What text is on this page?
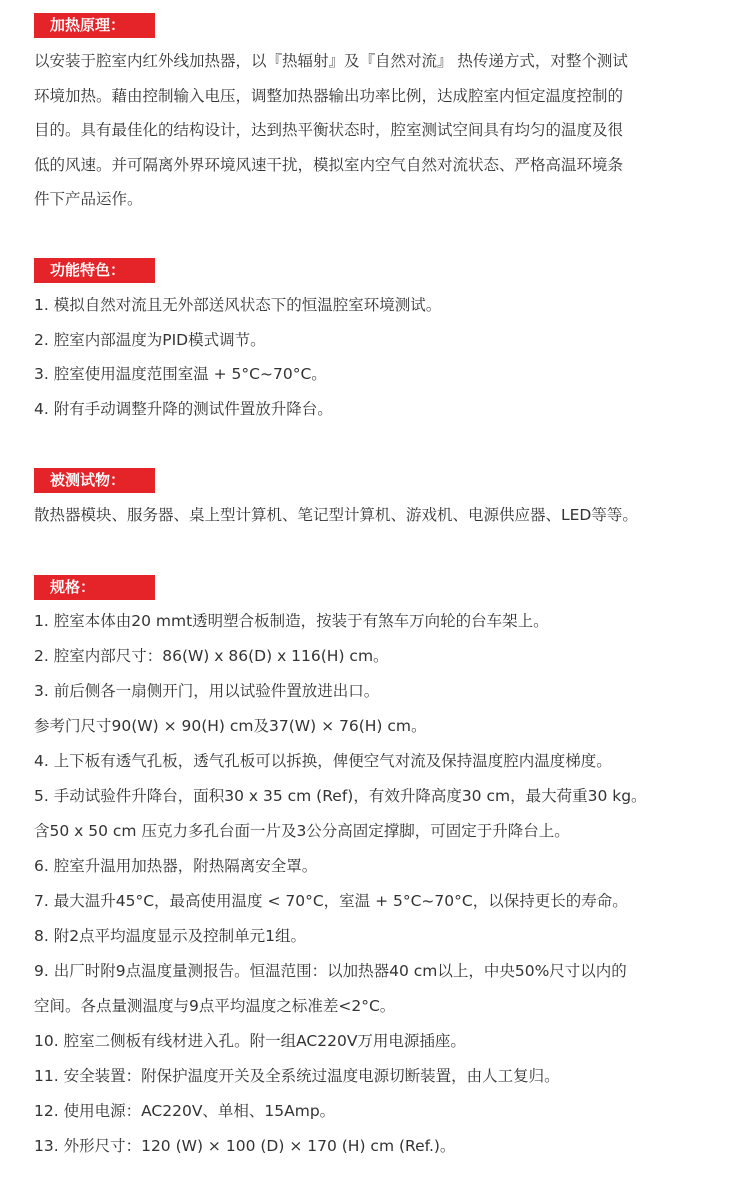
加热原理：
以安装于腔室内红外线加热器，以『热辐射』及『自然对流』 热传递方式，对整个测试
环境加热。藉由控制输入电压，调整加热器输出功率比例，达成腔室内恒定温度控制的
目的。具有最佳化的结构设计，达到热平衡状态时，腔室测试空间具有均匀的温度及很
低的风速。并可隔离外界环境风速干扰，模拟室内空气自然对流状态、严格高温环境条
件下产品运作。
功能特色：
1. 模拟自然对流且无外部送风状态下的恒温腔室环境测试。
2. 腔室内部温度为PID模式调节。
3. 腔室使用温度范围室温 + 5°C~70°C。
4. 附有手动调整升降的测试件置放升降台。
被测试物：
散热器模块、服务器、桌上型计算机、笔记型计算机、游戏机、电源供应器、LED等等。
规格：
1. 腔室本体由20 mmt透明塑合板制造，按装于有煞车万向轮的台车架上。
2. 腔室内部尺寸：86(W) x 86(D) x 116(H) cm。
3. 前后侧各一扇侧开门，用以试验件置放进出口。
参考门尺寸90(W) × 90(H) cm及37(W) × 76(H) cm。
4. 上下板有透气孔板，透气孔板可以拆换，俾便空气对流及保持温度腔内温度梯度。
5. 手动试验件升降台，面积30 x 35 cm (Ref)，有效升降高度30 cm，最大荷重30 kg。
含50 x 50 cm 压克力多孔台面一片及3公分高固定撑脚，可固定于升降台上。
6. 腔室升温用加热器，附热隔离安全罩。
7. 最大温升45°C，最高使用温度 < 70°C，室温 + 5°C~70°C，以保持更长的寿命。
8. 附2点平均温度显示及控制单元1组。
9. 出厂时附9点温度量测报告。恒温范围：以加热器40 cm以上，中央50%尺寸以内的
空间。各点量测温度与9点平均温度之标准差<2°C。
10. 腔室二侧板有线材进入孔。附一组AC220V万用电源插座。
11. 安全装置：附保护温度开关及全系统过温度电源切断装置，由人工复归。
12. 使用电源：AC220V、单相、15Amp。
13. 外形尺寸：120 (W) × 100 (D) × 170 (H) cm (Ref.)。
